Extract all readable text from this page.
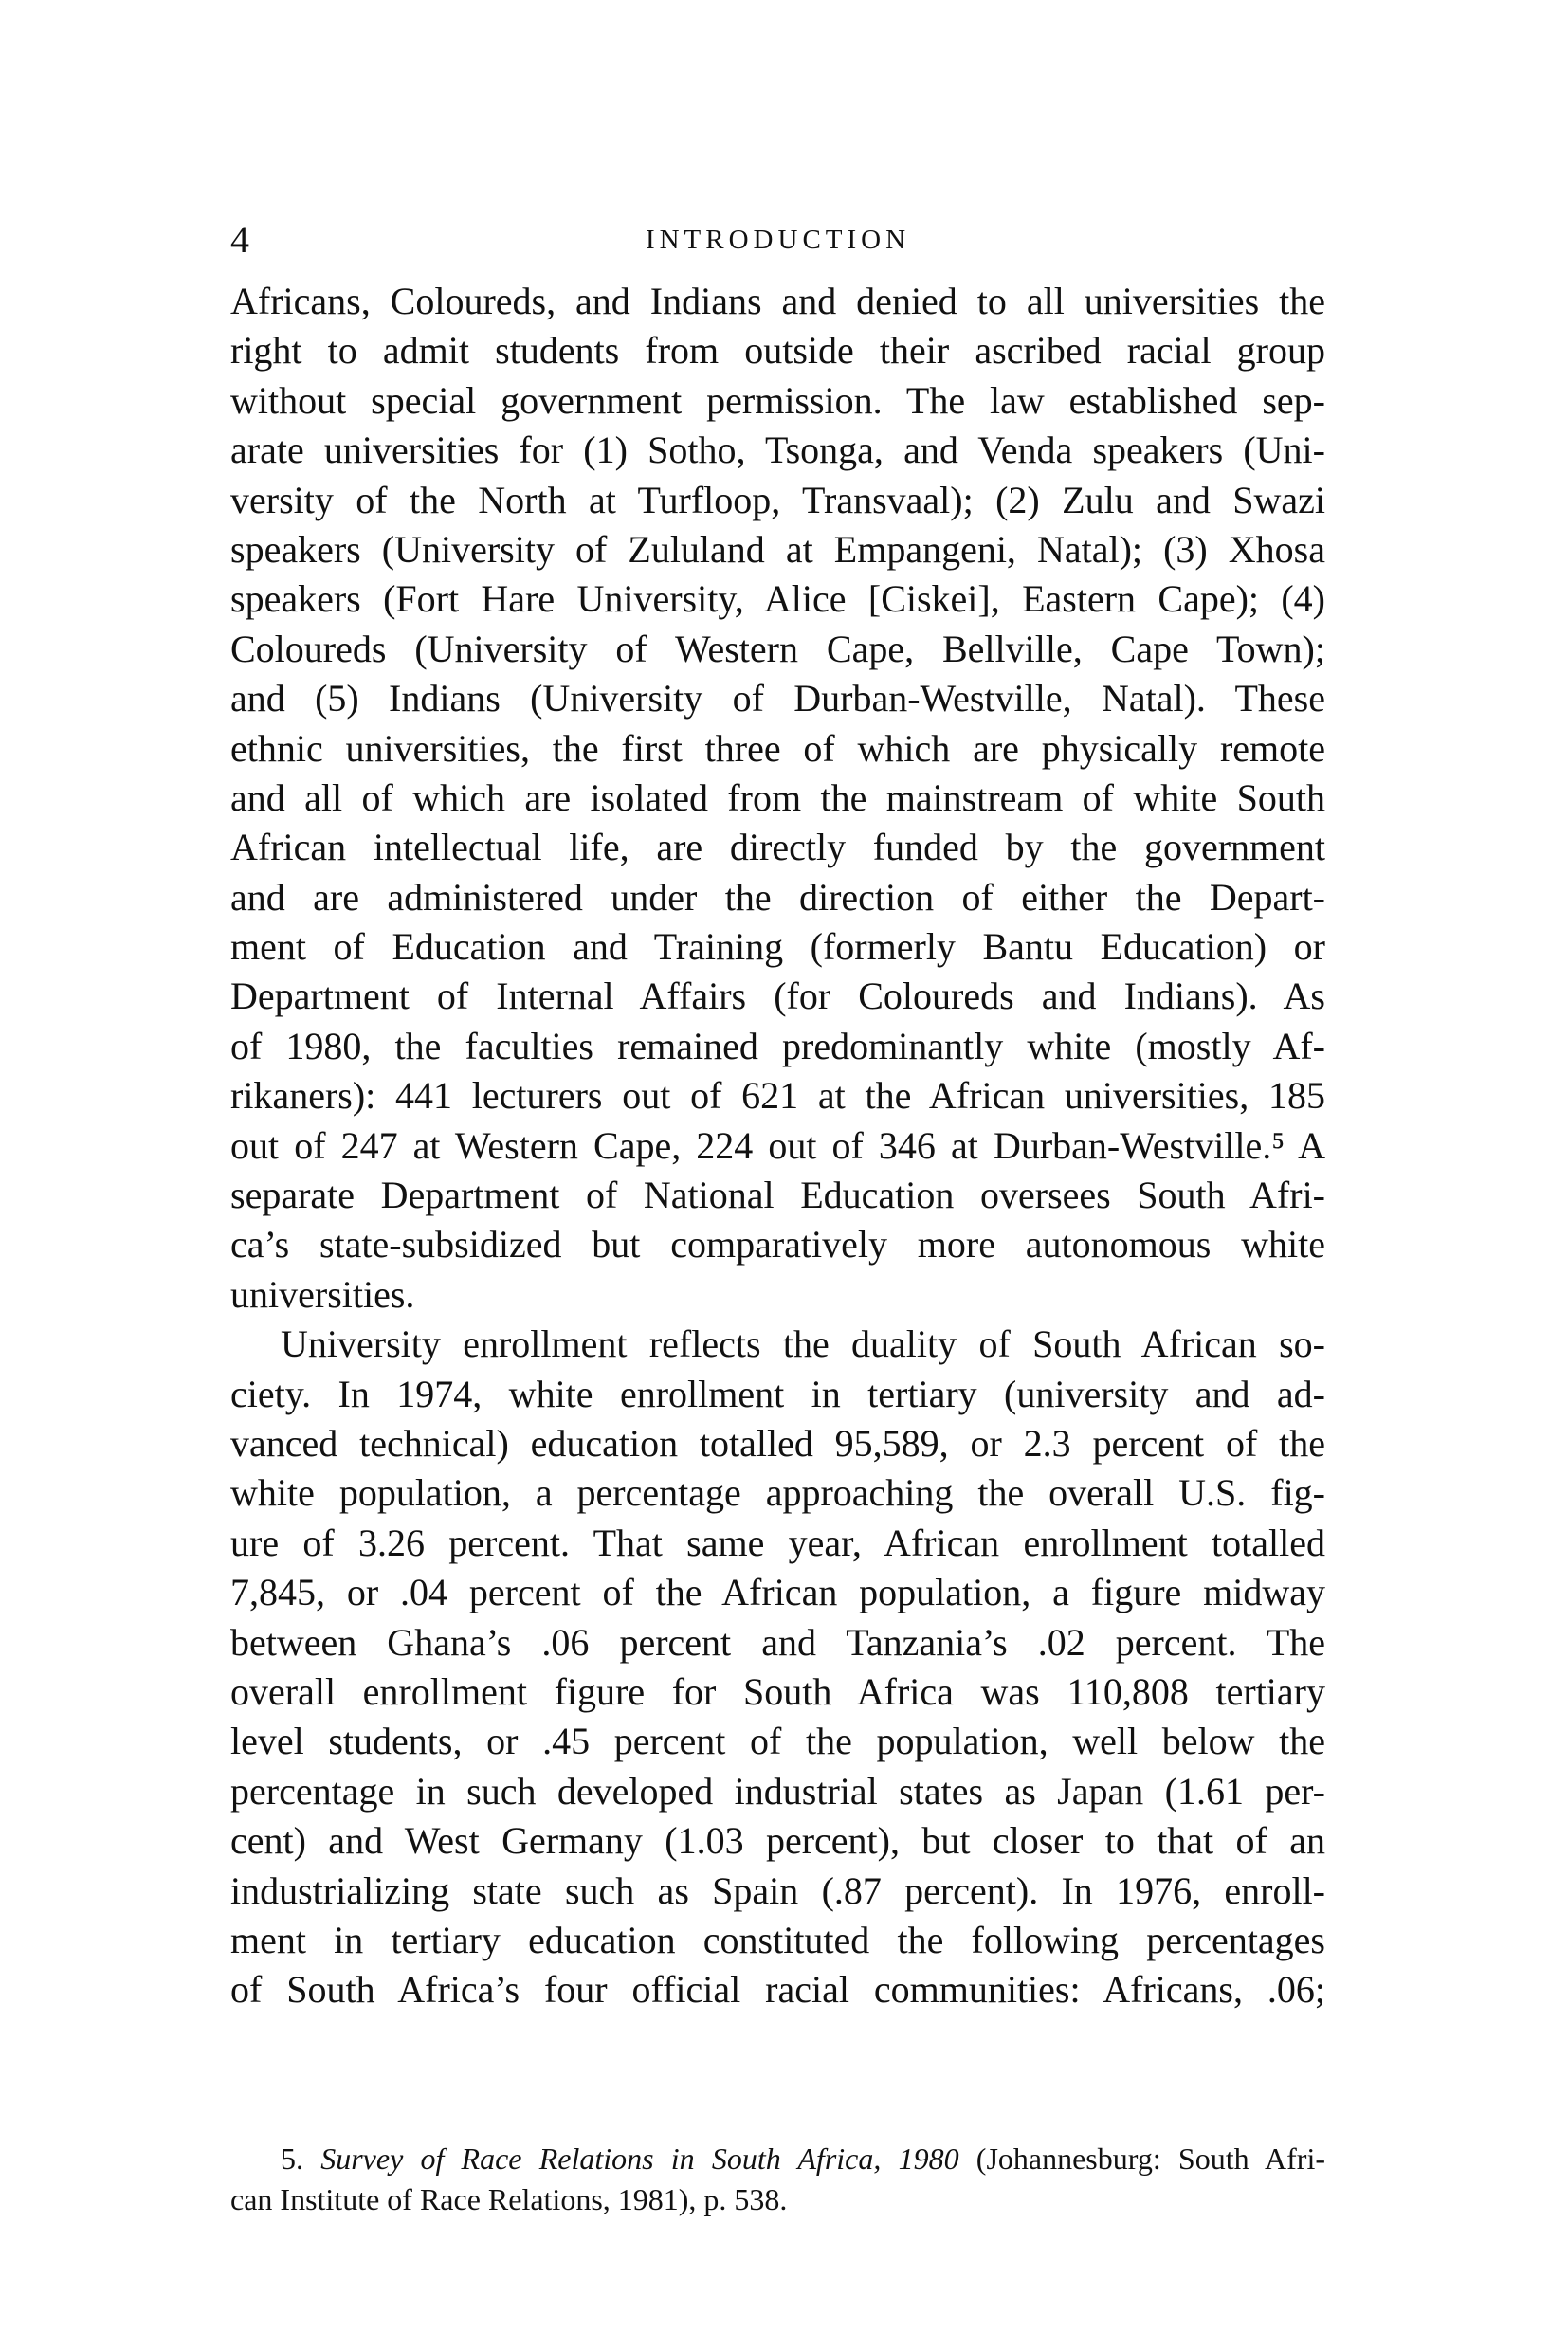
4	INTRODUCTION
Africans, Coloureds, and Indians and denied to all universities the
right to admit students from outside their ascribed racial group
without special government permission. The law established sep-
arate universities for (1) Sotho, Tsonga, and Venda speakers (Uni-
versity of the North at Turfloop, Transvaal); (2) Zulu and Swazi
speakers (University of Zululand at Empangeni, Natal); (3) Xhosa
speakers (Fort Hare University, Alice [Ciskei], Eastern Cape); (4)
Coloureds (University of Western Cape, Bellville, Cape Town);
and (5) Indians (University of Durban-Westville, Natal). These
ethnic universities, the first three of which are physically remote
and all of which are isolated from the mainstream of white South
African intellectual life, are directly funded by the government
and are administered under the direction of either the Depart-
ment of Education and Training (formerly Bantu Education) or
Department of Internal Affairs (for Coloureds and Indians). As
of 1980, the faculties remained predominantly white (mostly Af-
rikaners): 441 lecturers out of 621 at the African universities, 185
out of 247 at Western Cape, 224 out of 346 at Durban-Westville.⁵ A
separate Department of National Education oversees South Afri-
ca’s state-subsidized but comparatively more autonomous white
universities.
University enrollment reflects the duality of South African so-
ciety. In 1974, white enrollment in tertiary (university and ad-
vanced technical) education totalled 95,589, or 2.3 percent of the
white population, a percentage approaching the overall U.S. fig-
ure of 3.26 percent. That same year, African enrollment totalled
7,845, or .04 percent of the African population, a figure midway
between Ghana’s .06 percent and Tanzania’s .02 percent. The
overall enrollment figure for South Africa was 110,808 tertiary
level students, or .45 percent of the population, well below the
percentage in such developed industrial states as Japan (1.61 per-
cent) and West Germany (1.03 percent), but closer to that of an
industrializing state such as Spain (.87 percent). In 1976, enroll-
ment in tertiary education constituted the following percentages
of South Africa’s four official racial communities: Africans, .06;
5. Survey of Race Relations in South Africa, 1980 (Johannesburg: South Afri-
can Institute of Race Relations, 1981), p. 538.
